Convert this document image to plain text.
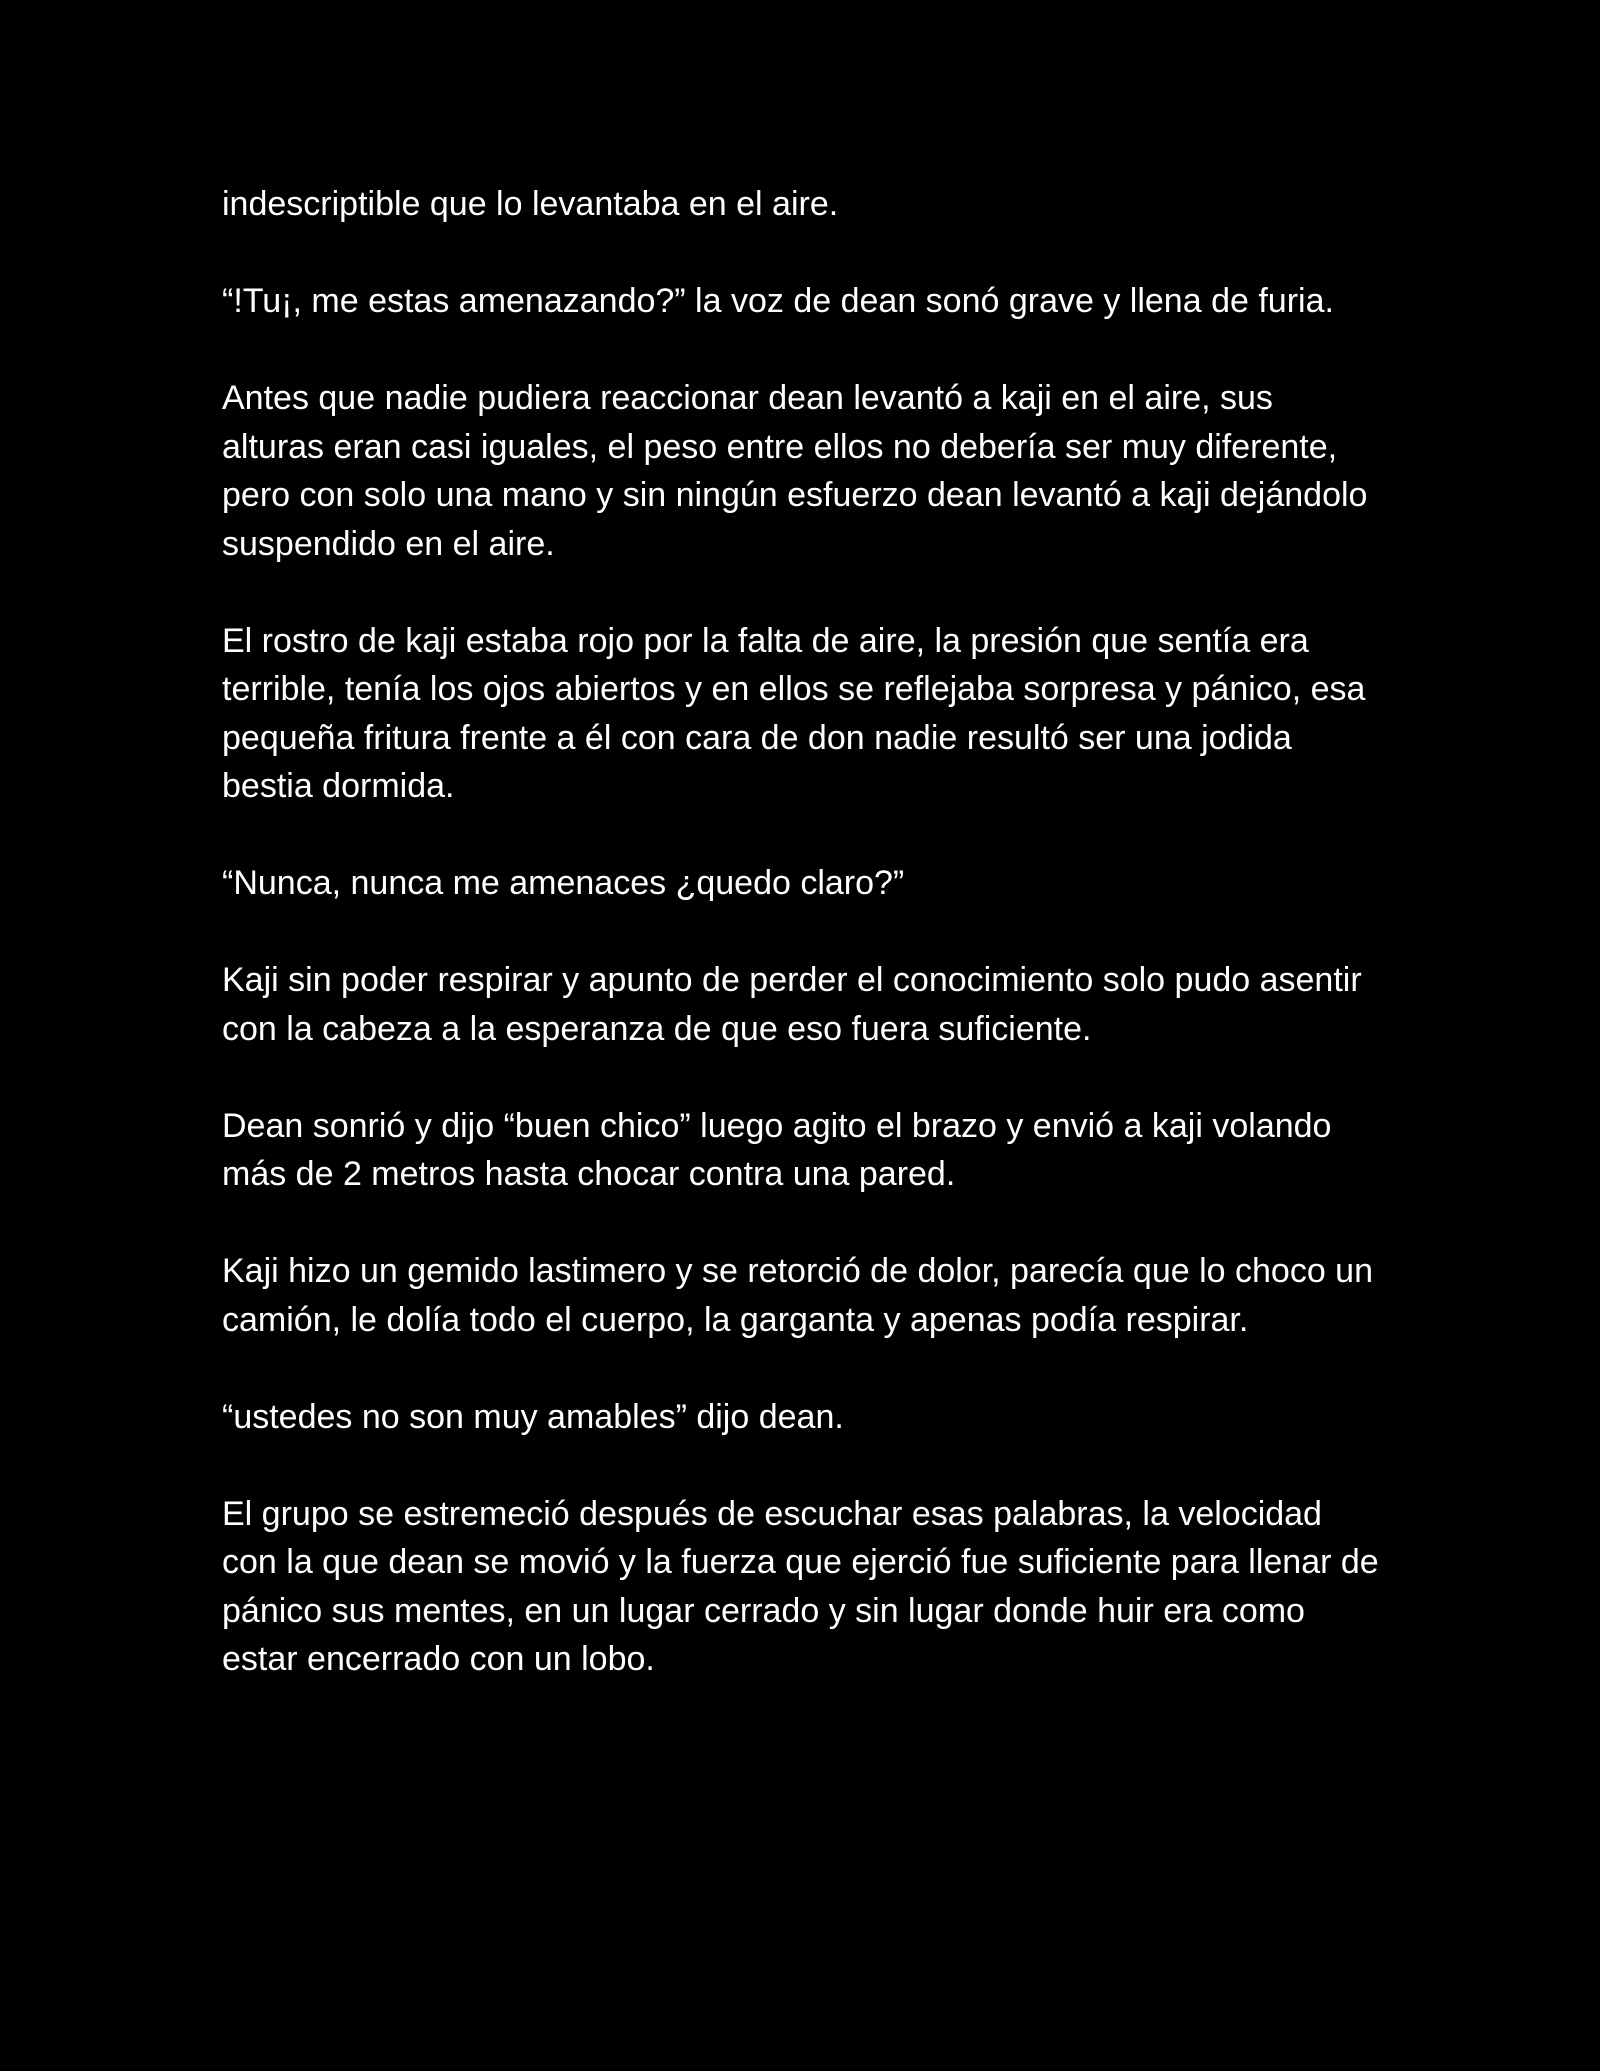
indescriptible que lo levantaba en el aire.

“!Tu¡, me estas amenazando?” la voz de dean sonó grave y llena de furia.

Antes que nadie pudiera reaccionar dean levantó a kaji en el aire, sus alturas eran casi iguales, el peso entre ellos no debería ser muy diferente, pero con solo una mano y sin ningún esfuerzo dean levantó a kaji dejándolo suspendido en el aire.

El rostro de kaji estaba rojo por la falta de aire, la presión que sentía era terrible, tenía los ojos abiertos y en ellos se reflejaba sorpresa y pánico, esa pequeña fritura frente a él con cara de don nadie resultó ser una jodida bestia dormida.

“Nunca, nunca me amenaces ¿quedo claro?”

Kaji sin poder respirar y apunto de perder el conocimiento solo pudo asentir con la cabeza a la esperanza de que eso fuera suficiente.

Dean sonrió y dijo “buen chico” luego agito el brazo y envió a kaji volando más de 2 metros hasta chocar contra una pared.

Kaji hizo un gemido lastimero y se retorció de dolor, parecía que lo choco un camión, le dolía todo el cuerpo, la garganta y apenas podía respirar.

“ustedes no son muy amables” dijo dean.

El grupo se estremeció después de escuchar esas palabras, la velocidad con la que dean se movió y la fuerza que ejerció fue suficiente para llenar de pánico sus mentes, en un lugar cerrado y sin lugar donde huir era como estar encerrado con un lobo.
